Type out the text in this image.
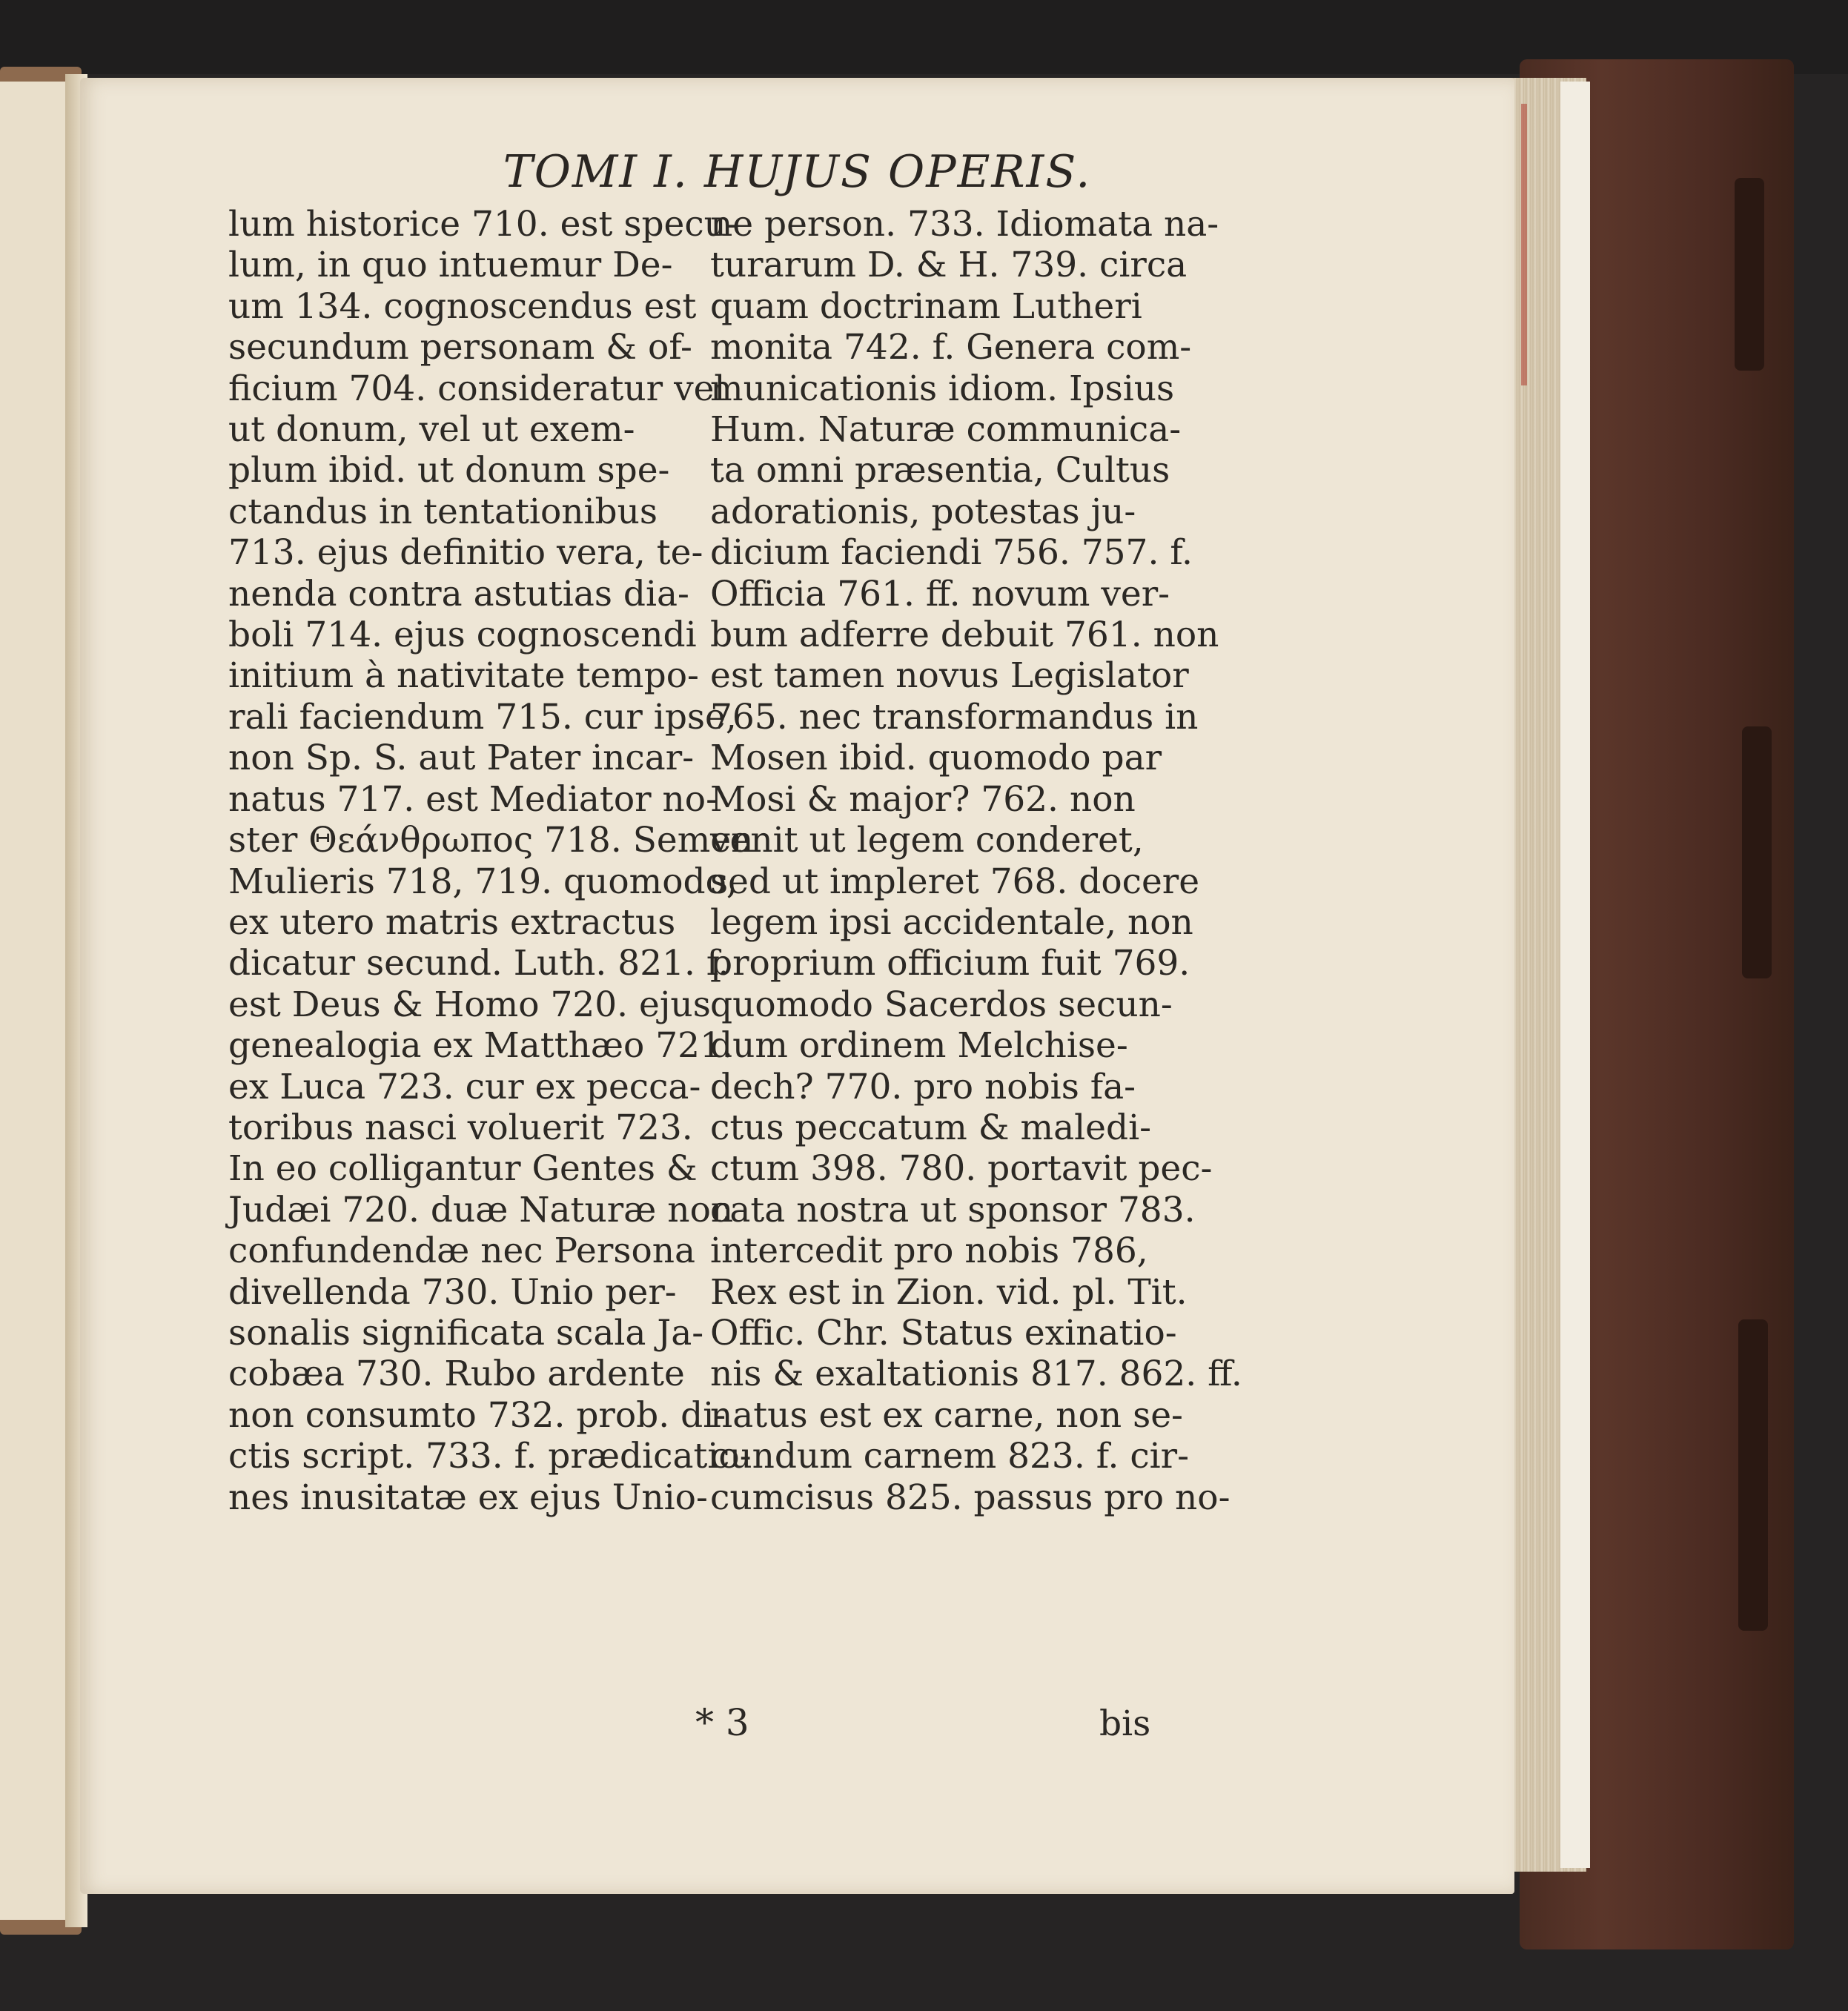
TOMI I. HUJUS OPERIS.
lum historice 710. est specu-
lum, in quo intuemur De-
um 134. cognoscendus est
secundum personam & of-
ficium 704. consideratur vel
ut donum, vel ut exem-
plum ibid. ut donum spe-
ctandus in tentationibus
713. ejus definitio vera, te-
nenda contra astutias dia-
boli 714. ejus cognoscendi
initium à nativitate tempo-
rali faciendum 715. cur ipse,
non Sp. S. aut Pater incar-
natus 717. est Mediator no-
ster Θεάνθρωπος 718. Semen
Mulieris 718, 719. quomodo,
ex utero matris extractus
dicatur secund. Luth. 821. f.
est Deus & Homo 720. ejus
genealogia ex Matthæo 721.
ex Luca 723. cur ex pecca-
toribus nasci voluerit 723.
In eo colligantur Gentes &
Judæi 720. duæ Naturæ non
confundendæ nec Persona
divellenda 730. Unio per-
sonalis significata scala Ja-
cobæa 730. Rubo ardente
non consumto 732. prob. di-
ctis script. 733. f. prædicatio-
nes inusitatæ ex ejus Unio-
ne person. 733. Idiomata na-
turarum D. & H. 739. circa
quam doctrinam Lutheri
monita 742. f. Genera com-
municationis idiom. Ipsius
Hum. Naturæ communica-
ta omni præsentia, Cultus
adorationis, potestas ju-
dicium faciendi 756. 757. f.
Officia 761. ff. novum ver-
bum adferre debuit 761. non
est tamen novus Legislator
765. nec transformandus in
Mosen ibid. quomodo par
Mosi & major? 762. non
venit ut legem conderet,
sed ut impleret 768. docere
legem ipsi accidentale, non
proprium officium fuit 769.
quomodo Sacerdos secun-
dum ordinem Melchise-
dech? 770. pro nobis fa-
ctus peccatum & maledi-
ctum 398. 780. portavit pec-
cata nostra ut sponsor 783.
intercedit pro nobis 786,
Rex est in Zion. vid. pl. Tit.
Offic. Chr. Status exinatio-
nis & exaltationis 817. 862. ff.
natus est ex carne, non se-
cundum carnem 823. f. cir-
cumcisus 825. passus pro no-
* 3	bis
